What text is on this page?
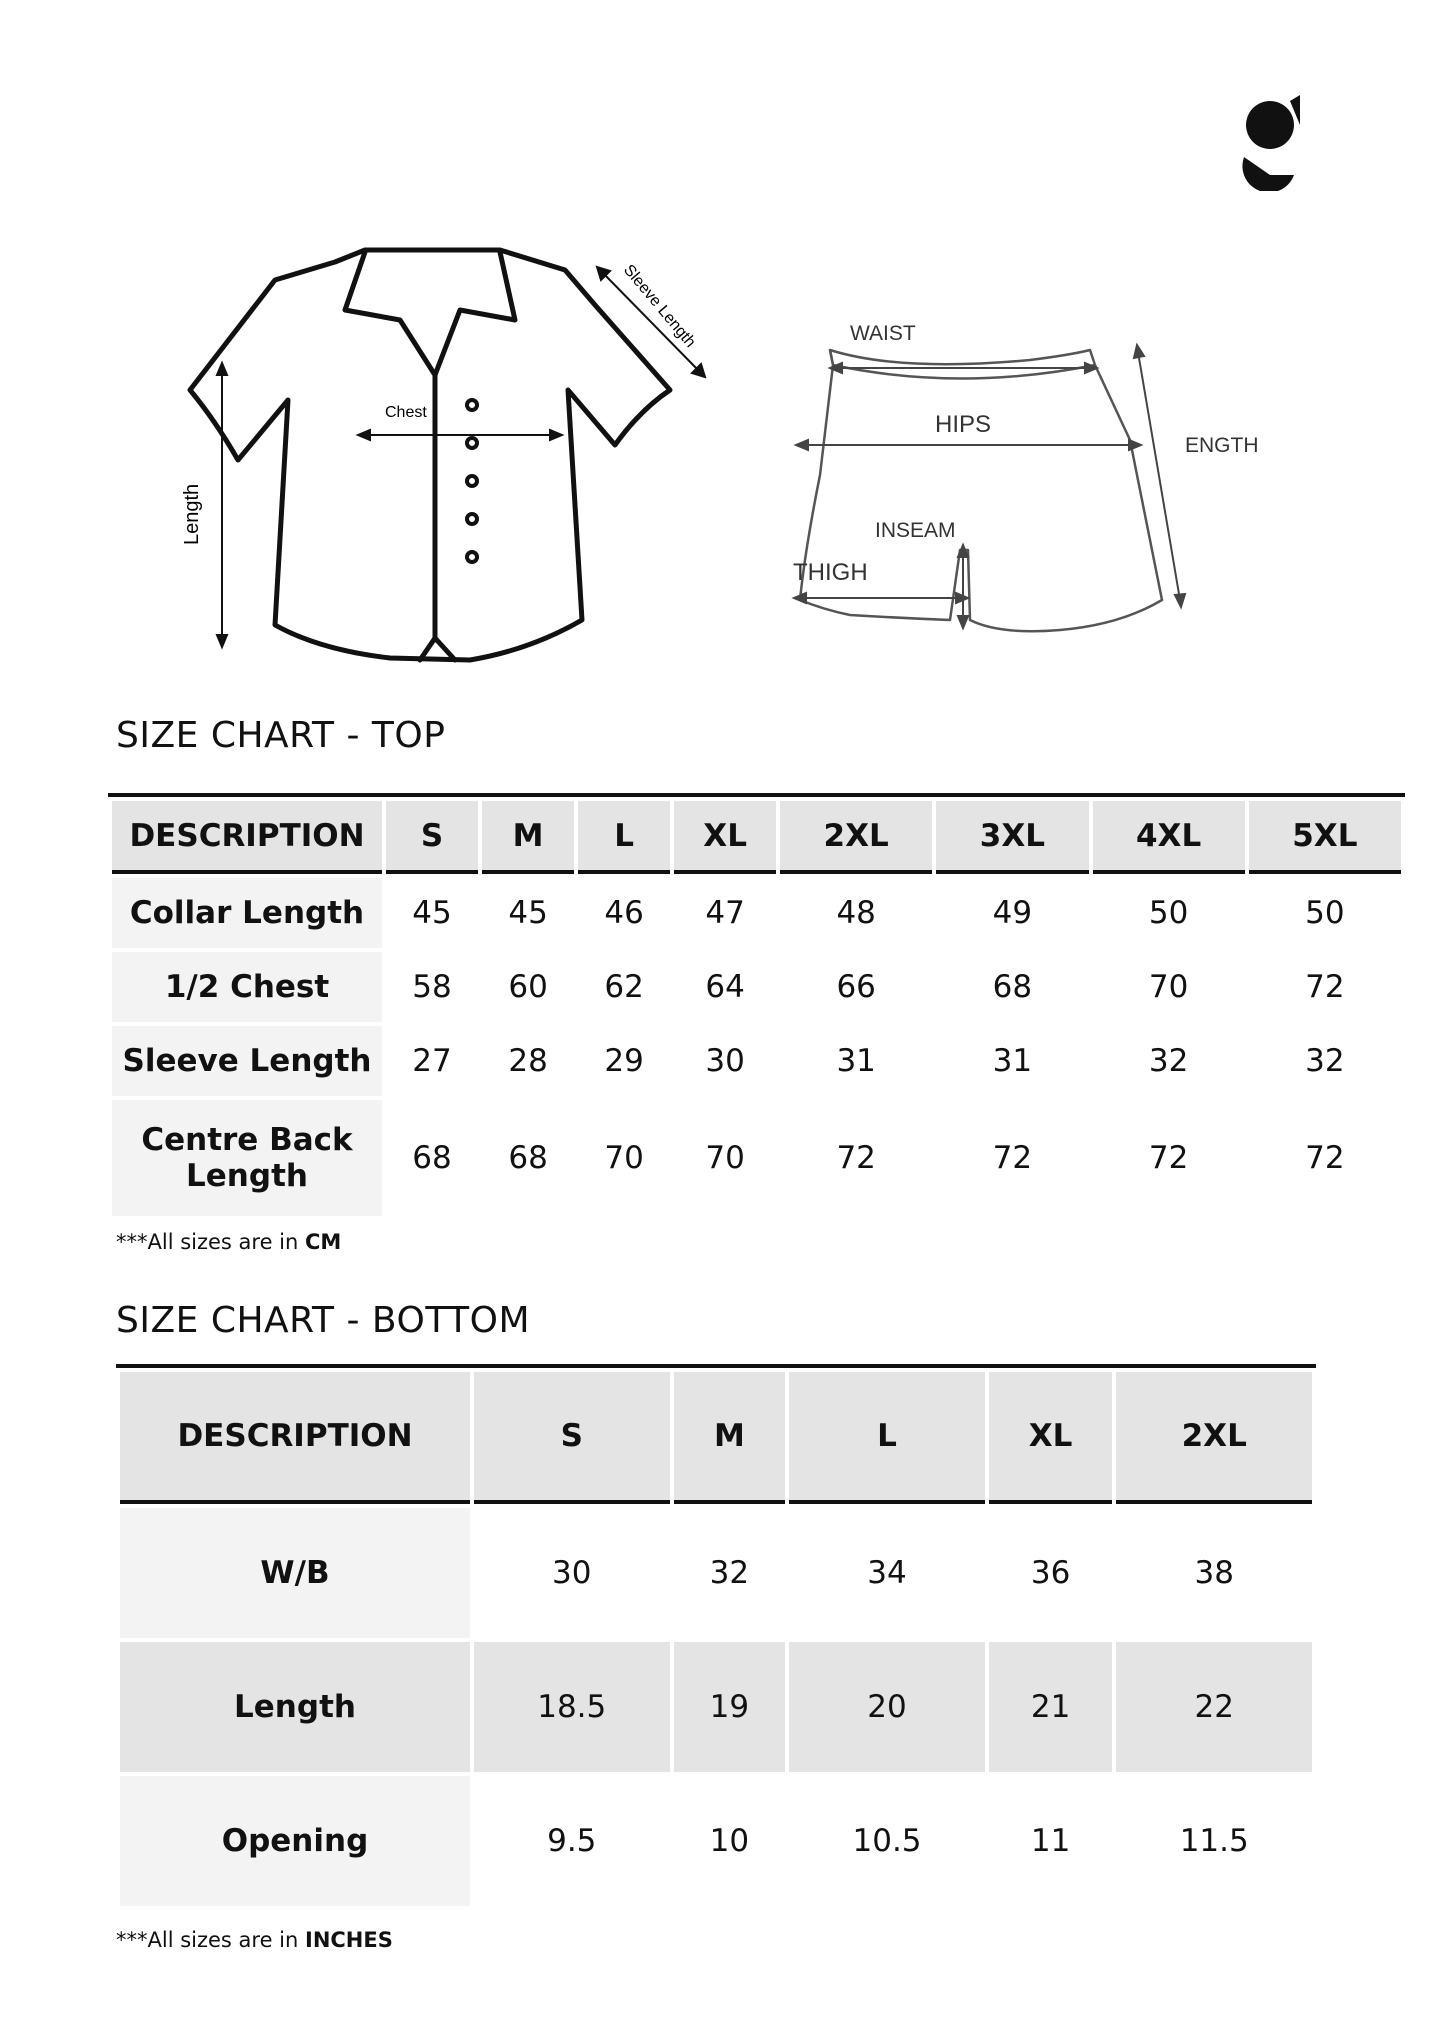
Chest
Length
Sleeve Length	WAIST
HIPS
ENGTH
INSEAM
THIGH
SIZE CHART - TOP
DESCRIPTION	S	M	L	XL	2XL	3XL	4XL	5XL
Collar Length	45	45	46	47	48	49	50	50
1/2 Chest	58	60	62	64	66	68	70	72
Sleeve Length	27	28	29	30	31	31	32	32
Centre Back Length	68	68	70	70	72	72	72	72
***All sizes are in CM
SIZE CHART - BOTTOM
DESCRIPTION	S	M	L	XL	2XL
W/B	30	32	34	36	38
Length	18.5	19	20	21	22
Opening	9.5	10	10.5	11	11.5
***All sizes are in INCHES
